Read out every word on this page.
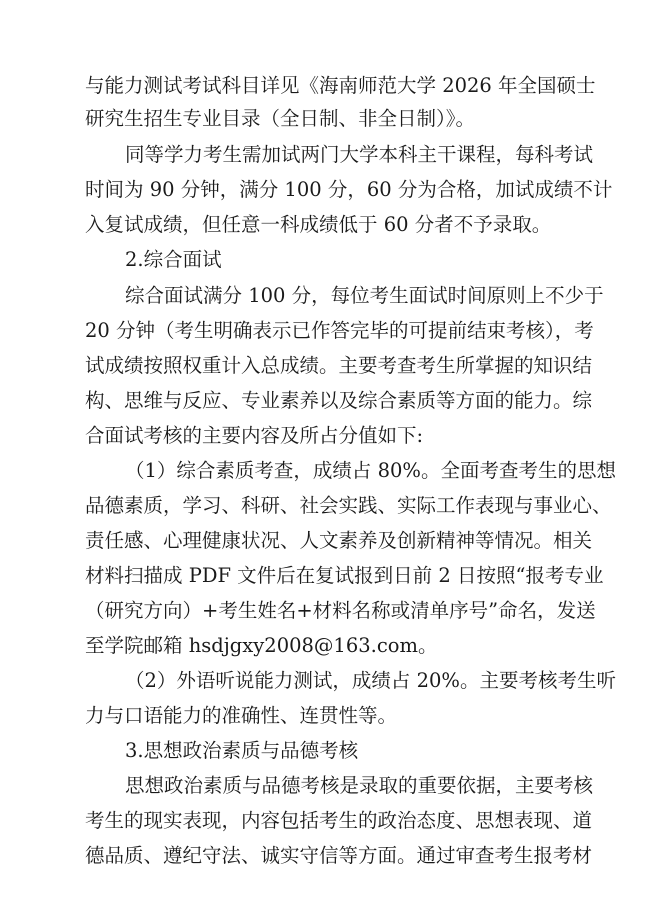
与能力测试考试科目详见《海南师范大学 2026 年全国硕士
研究生招生专业目录（全日制、非全日制）》。
同等学力考生需加试两门大学本科主干课程，每科考试
时间为 90 分钟，满分 100 分，60 分为合格，加试成绩不计
入复试成绩，但任意一科成绩低于 60 分者不予录取。
2.综合面试
综合面试满分 100 分，每位考生面试时间原则上不少于
20 分钟（考生明确表示已作答完毕的可提前结束考核），考
试成绩按照权重计入总成绩。主要考查考生所掌握的知识结
构、思维与反应、专业素养以及综合素质等方面的能力。综
合面试考核的主要内容及所占分值如下:
（1）综合素质考查，成绩占 80%。全面考查考生的思想
品德素质，学习、科研、社会实践、实际工作表现与事业心、
责任感、心理健康状况、人文素养及创新精神等情况。相关
材料扫描成 PDF 文件后在复试报到日前 2 日按照“报考专业
（研究方向）+考生姓名+材料名称或清单序号”命名，发送
至学院邮箱 hsdjgxy2008@163.com。
（2）外语听说能力测试，成绩占 20%。主要考核考生听
力与口语能力的准确性、连贯性等。
3.思想政治素质与品德考核
思想政治素质与品德考核是录取的重要依据，主要考核
考生的现实表现，内容包括考生的政治态度、思想表现、道
德品质、遵纪守法、诚实守信等方面。通过审查考生报考材
